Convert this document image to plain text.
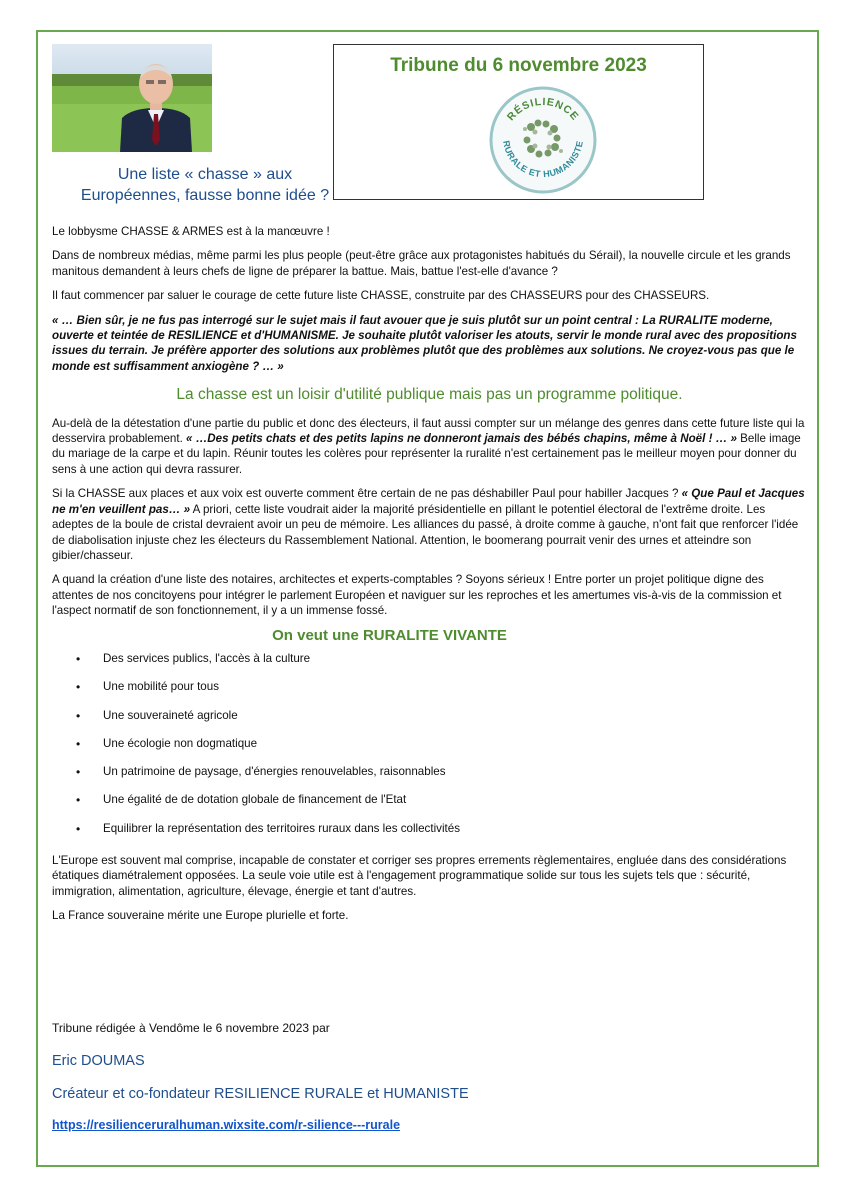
Tribune du 6 novembre 2023
RÉSILIENCE
RURALE ET HUMANISTE
Une liste « chasse » aux
Européennes, fausse bonne idée ?

Le lobbysme CHASSE & ARMES est à la manœuvre !

Dans de nombreux médias, même parmi les plus people (peut-être grâce aux protagonistes habitués du Sérail), la nouvelle circule et les grands manitous demandent à leurs chefs de ligne de préparer la battue. Mais, battue l'est-elle d'avance ?

Il faut commencer par saluer le courage de cette future liste CHASSE, construite par des CHASSEURS pour des CHASSEURS.

« … Bien sûr, je ne fus pas interrogé sur le sujet mais il faut avouer que je suis plutôt sur un point central : La RURALITE moderne, ouverte et teintée de RESILIENCE et d'HUMANISME. Je souhaite plutôt valoriser les atouts, servir le monde rural avec des propositions issues du terrain. Je préfère apporter des solutions aux problèmes plutôt que des problèmes aux solutions. Ne croyez-vous pas que le monde est suffisamment anxiogène ? … »

La chasse est un loisir d'utilité publique mais pas un programme politique.

Au-delà de la détestation d'une partie du public et donc des électeurs, il faut aussi compter sur un mélange des genres dans cette future liste qui la desservira probablement. « …Des petits chats et des petits lapins ne donneront jamais des bébés chapins, même à Noël ! … » Belle image du mariage de la carpe et du lapin. Réunir toutes les colères pour représenter la ruralité n'est certainement pas le meilleur moyen pour donner du sens à une action qui devra rassurer.

Si la CHASSE aux places et aux voix est ouverte comment être certain de ne pas déshabiller Paul pour habiller Jacques ? « Que Paul et Jacques ne m'en veuillent pas… » A priori, cette liste voudrait aider la majorité présidentielle en pillant le potentiel électoral de l'extrême droite. Les adeptes de la boule de cristal devraient avoir un peu de mémoire. Les alliances du passé, à droite comme à gauche, n'ont fait que renforcer l'idée de diabolisation injuste chez les électeurs du Rassemblement National. Attention, le boomerang pourrait venir des urnes et atteindre son gibier/chasseur.

A quand la création d'une liste des notaires, architectes et experts-comptables ? Soyons sérieux ! Entre porter un projet politique digne des attentes de nos concitoyens pour intégrer le parlement Européen et naviguer sur les reproches et les amertumes vis-à-vis de la commission et l'aspect normatif de son fonctionnement, il y a un immense fossé.

On veut une RURALITE VIVANTE
• Des services publics, l'accès à la culture
• Une mobilité pour tous
• Une souveraineté agricole
• Une écologie non dogmatique
• Un patrimoine de paysage, d'énergies renouvelables, raisonnables
• Une égalité de de dotation globale de financement de l'Etat
• Equilibrer la représentation des territoires ruraux dans les collectivités

L'Europe est souvent mal comprise, incapable de constater et corriger ses propres errements règlementaires, engluée dans des considérations étatiques diamétralement opposées. La seule voie utile est à l'engagement programmatique solide sur tous les sujets tels que : sécurité, immigration, alimentation, agriculture, élevage, énergie et tant d'autres.

La France souveraine mérite une Europe plurielle et forte.

Tribune rédigée à Vendôme le 6 novembre 2023 par
Eric DOUMAS
Créateur et co-fondateur RESILIENCE RURALE et HUMANISTE
https://resilienceruralhuman.wixsite.com/r-silience---rurale
